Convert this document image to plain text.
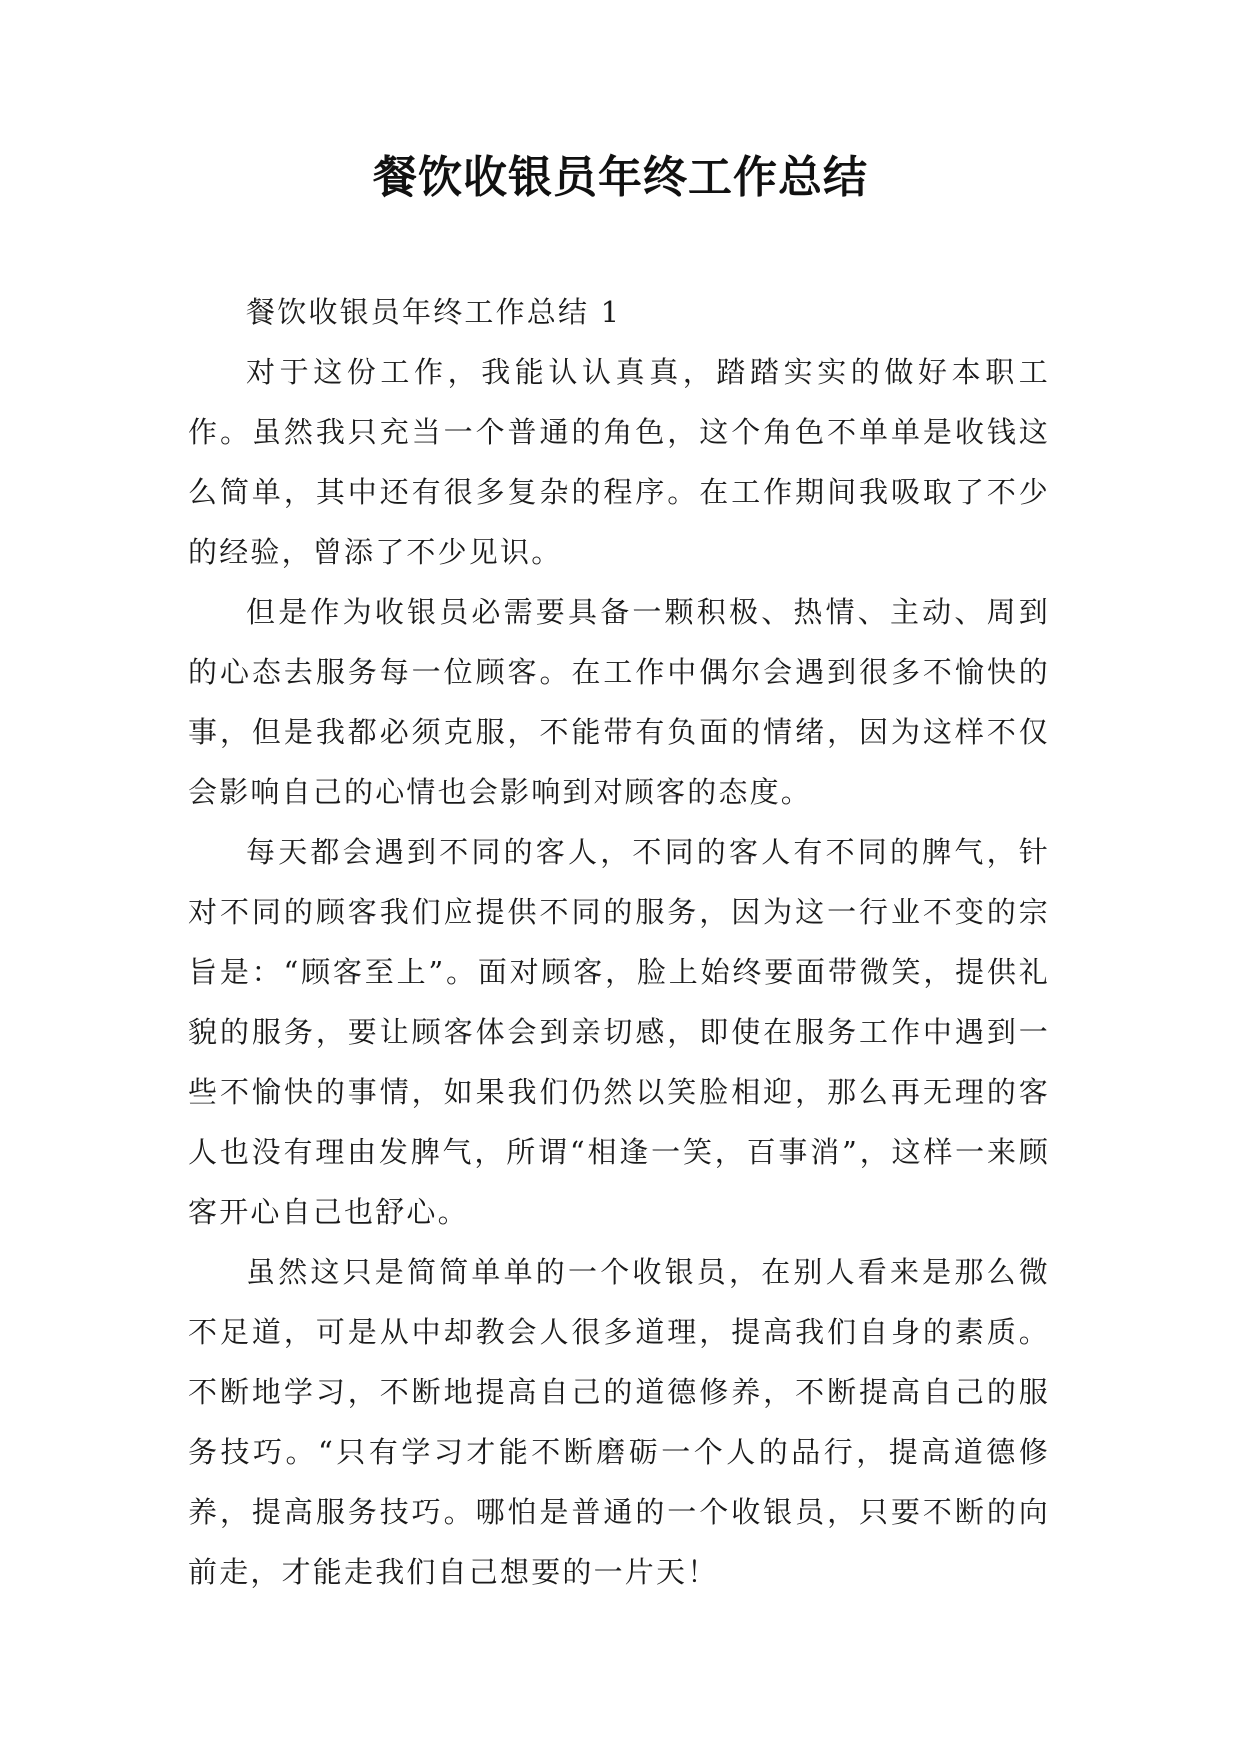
餐饮收银员年终工作总结

餐饮收银员年终工作总结 1

对于这份工作，我能认认真真，踏踏实实的做好本职工作。虽然我只充当一个普通的角色，这个角色不单单是收钱这么简单，其中还有很多复杂的程序。在工作期间我吸取了不少的经验，曾添了不少见识。

但是作为收银员必需要具备一颗积极、热情、主动、周到的心态去服务每一位顾客。在工作中偶尔会遇到很多不愉快的事，但是我都必须克服，不能带有负面的情绪，因为这样不仅会影响自己的心情也会影响到对顾客的态度。

每天都会遇到不同的客人，不同的客人有不同的脾气，针对不同的顾客我们应提供不同的服务，因为这一行业不变的宗旨是：“顾客至上”。面对顾客，脸上始终要面带微笑，提供礼貌的服务，要让顾客体会到亲切感，即使在服务工作中遇到一些不愉快的事情，如果我们仍然以笑脸相迎，那么再无理的客人也没有理由发脾气，所谓“相逢一笑，百事消”，这样一来顾客开心自己也舒心。

虽然这只是简简单单的一个收银员，在别人看来是那么微不足道，可是从中却教会人很多道理，提高我们自身的素质。不断地学习，不断地提高自己的道德修养，不断提高自己的服务技巧。“只有学习才能不断磨砺一个人的品行，提高道德修养，提高服务技巧。哪怕是普通的一个收银员，只要不断的向前走，才能走我们自己想要的一片天！
